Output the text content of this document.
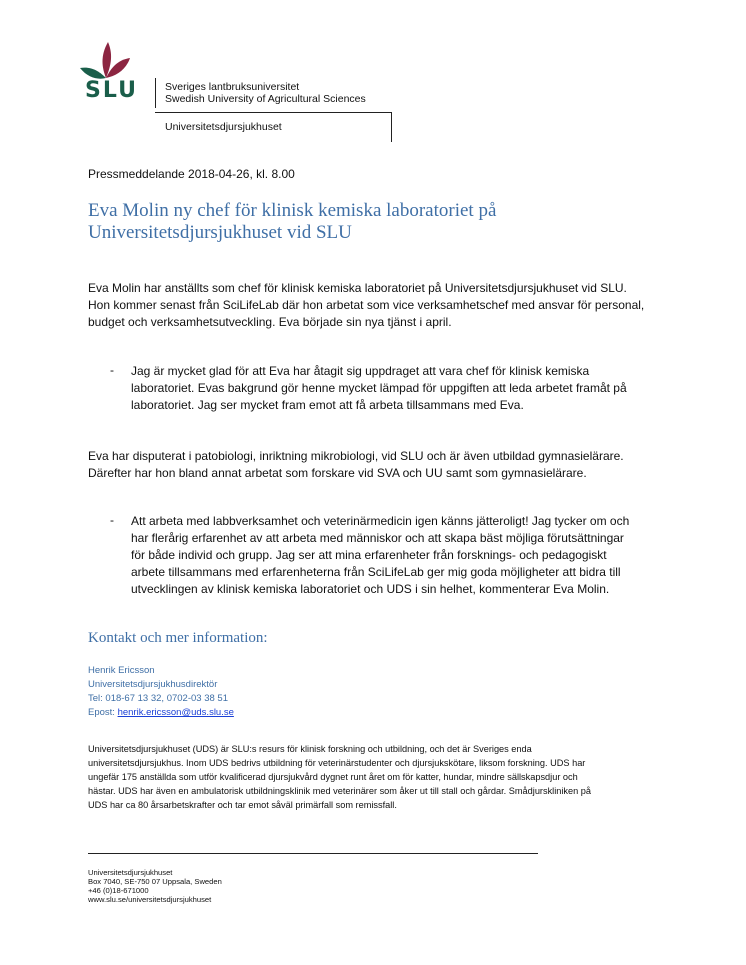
SLU	Sveriges lantbruksuniversitet
Swedish University of Agricultural Sciences
Universitetsdjursjukhuset
Pressmeddelande 2018-04-26, kl. 8.00
Eva Molin ny chef för klinisk kemiska laboratoriet på
Universitetsdjursjukhuset vid SLU
Eva Molin har anställts som chef för klinisk kemiska laboratoriet på Universitetsdjursjukhuset vid SLU.
Hon kommer senast från SciLifeLab där hon arbetat som vice verksamhetschef med ansvar för personal,
budget och verksamhetsutveckling. Eva började sin nya tjänst i april.
- Jag är mycket glad för att Eva har åtagit sig uppdraget att vara chef för klinisk kemiska
laboratoriet. Evas bakgrund gör henne mycket lämpad för uppgiften att leda arbetet framåt på
laboratoriet. Jag ser mycket fram emot att få arbeta tillsammans med Eva.
Eva har disputerat i patobiologi, inriktning mikrobiologi, vid SLU och är även utbildad gymnasielärare.
Därefter har hon bland annat arbetat som forskare vid SVA och UU samt som gymnasielärare.
- Att arbeta med labbverksamhet och veterinärmedicin igen känns jätteroligt! Jag tycker om och
har flerårig erfarenhet av att arbeta med människor och att skapa bäst möjliga förutsättningar
för både individ och grupp. Jag ser att mina erfarenheter från forsknings- och pedagogiskt
arbete tillsammans med erfarenheterna från SciLifeLab ger mig goda möjligheter att bidra till
utvecklingen av klinisk kemiska laboratoriet och UDS i sin helhet, kommenterar Eva Molin.
Kontakt och mer information:
Henrik Ericsson
Universitetsdjursjukhusdirektör
Tel: 018-67 13 32, 0702-03 38 51
Epost: henrik.ericsson@uds.slu.se
Universitetsdjursjukhuset (UDS) är SLU:s resurs för klinisk forskning och utbildning, och det är Sveriges enda
universitetsdjursjukhus. Inom UDS bedrivs utbildning för veterinärstudenter och djursjukskötare, liksom forskning. UDS har
ungefär 175 anställda som utför kvalificerad djursjukvård dygnet runt året om för katter, hundar, mindre sällskapsdjur och
hästar. UDS har även en ambulatorisk utbildningsklinik med veterinärer som åker ut till stall och gårdar. Smådjurskliniken på
UDS har ca 80 årsarbetskrafter och tar emot såväl primärfall som remissfall.
Universitetsdjursjukhuset
Box 7040, SE-750 07 Uppsala, Sweden
+46 (0)18-671000
www.slu.se/universitetsdjursjukhuset
